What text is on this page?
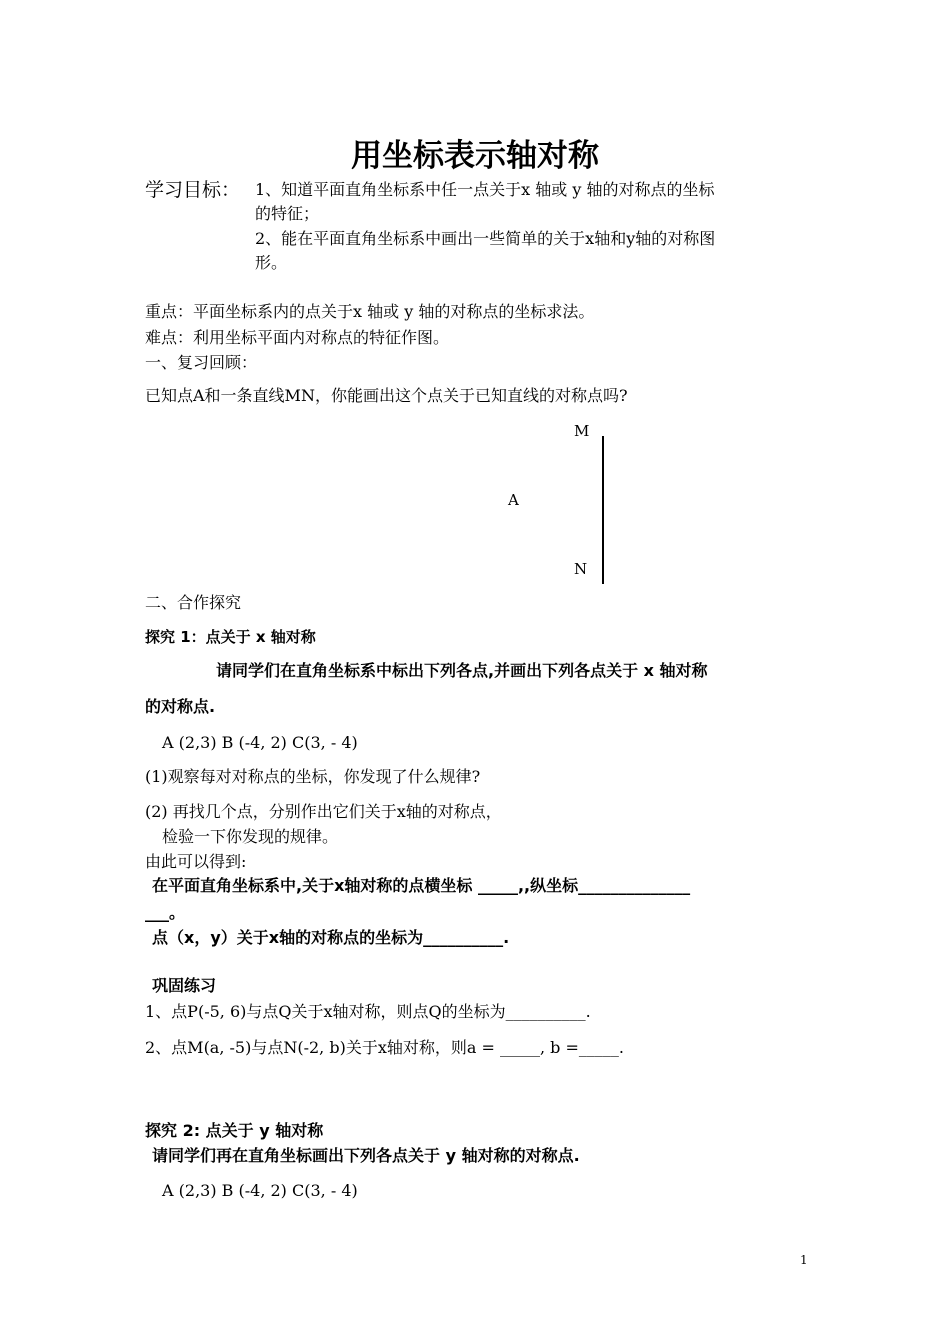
用坐标表示轴对称
学习目标： 1、知道平面直角坐标系中任一点关于x 轴或 y 轴的对称点的坐标
的特征；
2、能在平面直角坐标系中画出一些简单的关于x轴和y轴的对称图
形。
重点：平面坐标系内的点关于x 轴或 y 轴的对称点的坐标求法。
难点：利用坐标平面内对称点的特征作图。
一、复习回顾：
已知点A和一条直线MN，你能画出这个点关于已知直线的对称点吗?
M
A
N
二、合作探究
探究 1：点关于 x 轴对称
请同学们在直角坐标系中标出下列各点,并画出下列各点关于 x 轴对称
的对称点.
A (2,3) B (-4, 2) C(3, - 4)
(1)观察每对对称点的坐标，你发现了什么规律?
(2) 再找几个点，分别作出它们关于x轴的对称点，
检验一下你发现的规律。
由此可以得到:
在平面直角坐标系中,关于x轴对称的点横坐标 _____,,纵坐标______________
___。
点（x，y）关于x轴的对称点的坐标为__________.
巩固练习
1、点P(-5, 6)与点Q关于x轴对称，则点Q的坐标为__________.
2、点M(a, -5)与点N(-2, b)关于x轴对称，则a = _____, b =_____.
探究 2: 点关于 y 轴对称
请同学们再在直角坐标画出下列各点关于 y 轴对称的对称点.
A (2,3) B (-4, 2) C(3, - 4)
1
